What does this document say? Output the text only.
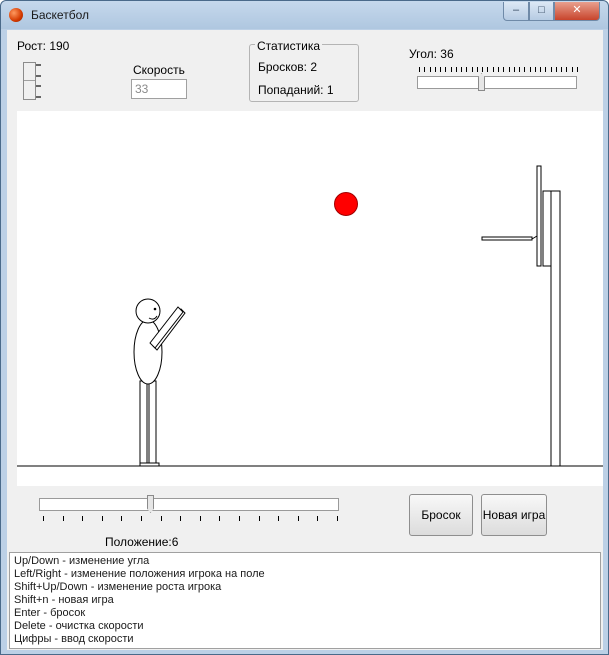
Баскетбол	–	□	✕
Рост: 190
Скорость
33
Статистика
Бросков: 2
Попаданий: 1
Угол: 36
Положение:6
Бросок	Новая игра
Up/Down - изменение угла
Left/Right - изменение положения игрока на поле
Shift+Up/Down - изменение роста игрока
Shift+n - новая игра
Enter - бросок
Delete - очистка скорости
Цифры - ввод скорости
